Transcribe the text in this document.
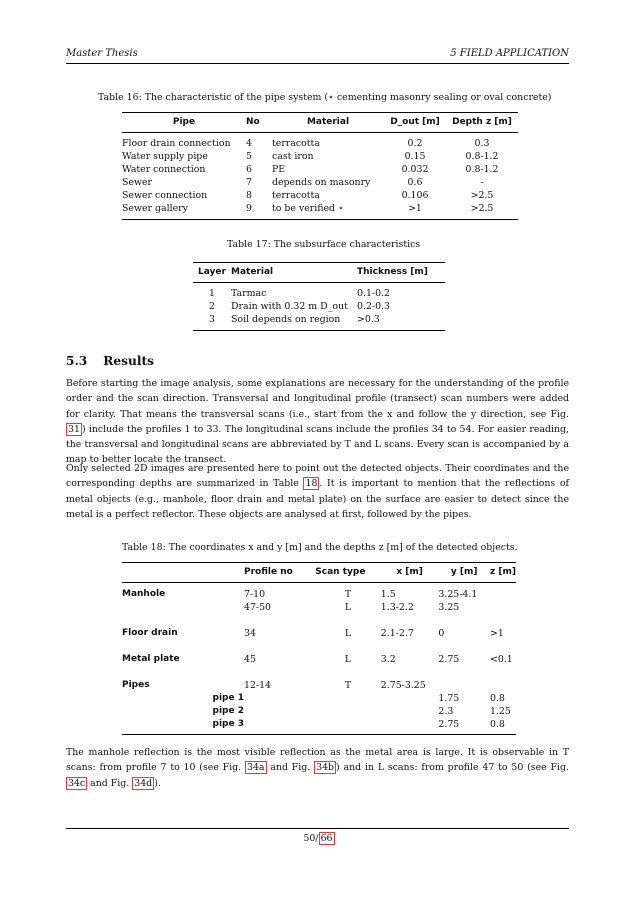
Master Thesis	5 FIELD APPLICATION
Table 16: The characteristic of the pipe system (⋆ cementing masonry sealing or oval concrete)
Pipe	No	Material	D_out [m]	Depth z [m]
Floor drain connection	4	terracotta	0.2	0.3
Water supply pipe	5	cast iron	0.15	0.8-1.2
Water connection	6	PE	0.032	0.8-1.2
Sewer	7	depends on masonry	0.6	-
Sewer connection	8	terracotta	0.106	>2.5
Sewer gallery	9	to be verified ⋆	>1	>2.5
Table 17: The subsurface characteristics
Layer	Material	Thickness [m]
1	Tarmac	0.1-0.2
2	Drain with 0.32 m D_out	0.2-0.3
3	Soil depends on region	>0.3
5.3 Results
Before starting the image analysis, some explanations are necessary for the understanding of the profile order and the scan direction. Transversal and longitudinal profile (transect) scan numbers were added for clarity. That means the transversal scans (i.e., start from the x and follow the y direction, see Fig. 31 ) include the profiles 1 to 33. The longitudinal scans include the profiles 34 to 54. For easier reading, the transversal and longitudinal scans are abbreviated by T and L scans. Every scan is accompanied by a map to better locate the transect.
Only selected 2D images are presented here to point out the detected objects. Their coordinates and the corresponding depths are summarized in Table 18 . It is important to mention that the reflections of metal objects (e.g., manhole, floor drain and metal plate) on the surface are easier to detect since the metal is a perfect reflector. These objects are analysed at first, followed by the pipes.
Table 18: The coordinates x and y [m] and the depths z [m] of the detected objects.
	Profile no	Scan type	x [m]	y [m]	z [m]
Manhole	7-10	T	1.5	3.25-4.1	
	47-50	L	1.3-2.2	3.25	
Floor drain	34	L	2.1-2.7	0	>1
Metal plate	45	L	3.2	2.75	<0.1
Pipes	12-14	T	2.75-3.25		
pipe 1				1.75	0.8
pipe 2				2.3	1.25
pipe 3				2.75	0.8
The manhole reflection is the most visible reflection as the metal area is large. It is observable in T scans: from profile 7 to 10 (see Fig. 34a and Fig. 34b ) and in L scans: from profile 47 to 50 (see Fig. 34c and Fig. 34d ).
50/ 66
